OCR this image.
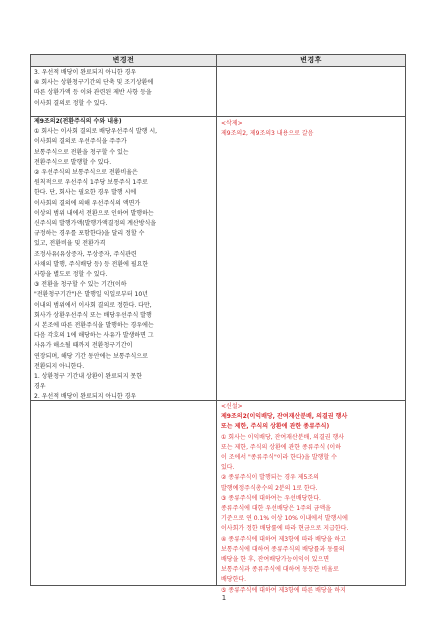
변경전	변경후
3. 우선적 배당이 완료되지 아니한 경우
④ 회사는 상환청구기간의 단축 및 조기상환에
따른 상환가액 등 이와 관련된 제반 사항 등을
이사회 결의로 정할 수 있다.
제9조의2(전환주식의 수와 내용)
① 회사는 이사회 결의로 배당우선주식 발행 시,
이사회의 결의로 우선주식을 주주가
보통주식으로 전환을 청구할 수 있는
전환주식으로 발행할 수 있다.
② 우선주식의 보통주식으로 전환비율은
원칙적으로 우선주식 1주당 보통주식 1주로
한다. 단, 회사는 필요한 경우 발행 시에
이사회의 결의에 의해 우선주식의 액면가
이상의 범위 내에서 전환으로 인하여 발행하는
신주식의 발행가액(발행가액결정의 계산방식을
규정하는 경우를 포함한다)을 달리 정할 수
있고, 전환비율 및 전환가격
조정사유(유상증자, 무상증자, 주식관련
사채의 발행, 주식배당 등) 등 전환에 필요한
사항을 별도로 정할 수 있다.
③ 전환을 청구할 수 있는 기간(이하
"전환청구기간")은 발행일 익일로부터 10년
이내의 범위에서 이사회 결의로 정한다. 다만,
회사가 상환우선주식 또는 배당우선주식 발행
시 본조에 따른 전환주식을 발행하는 경우에는
다음 각호의 1에 해당하는 사유가 발생하면 그
사유가 해소될 때까지 전환청구기간이
연장되며, 해당 기간 동안에는 보통주식으로
전환되지 아니한다.
1. 상환청구 기간내 상환이 완료되지 못한
경우
2. 우선적 배당이 완료되지 아니한 경우
<삭제>
제9조의2, 제9조의3 내용으로 갈음
<신설>
제9조의2(이익배당, 잔여재산분배, 의결권 행사
또는 제한, 주식의 상환에 관한 종류주식)
① 회사는 이익배당, 잔여재산분배, 의결권 행사
또는 제한, 주식의 상환에 관한 종류주식 (이하
이 조에서 "종류주식"이라 한다)을 발행할 수
있다.
② 종류주식이 발행되는 경우 제5조의
발행예정주식총수의 2분의 1로 한다.
③ 종류주식에 대하여는 우선배당한다.
종류주식에 대한 우선배당은 1주의 금액을
기준으로 연 0.1% 이상 10% 이내에서 발행시에
이사회가 정한 배당률에 따라 현금으로 지급한다.
④ 종류주식에 대하여 제3항에 따라 배당을 하고
보통주식에 대하여 종류주식의 배당률과 동률의
배당을 한 후, 잔여배당가능이익이 있으면
보통주식과 종류주식에 대하여 동등한 비율로
배당한다.
⑤ 종류주식에 대하여 제3항에 따른 배당을 하지
1
